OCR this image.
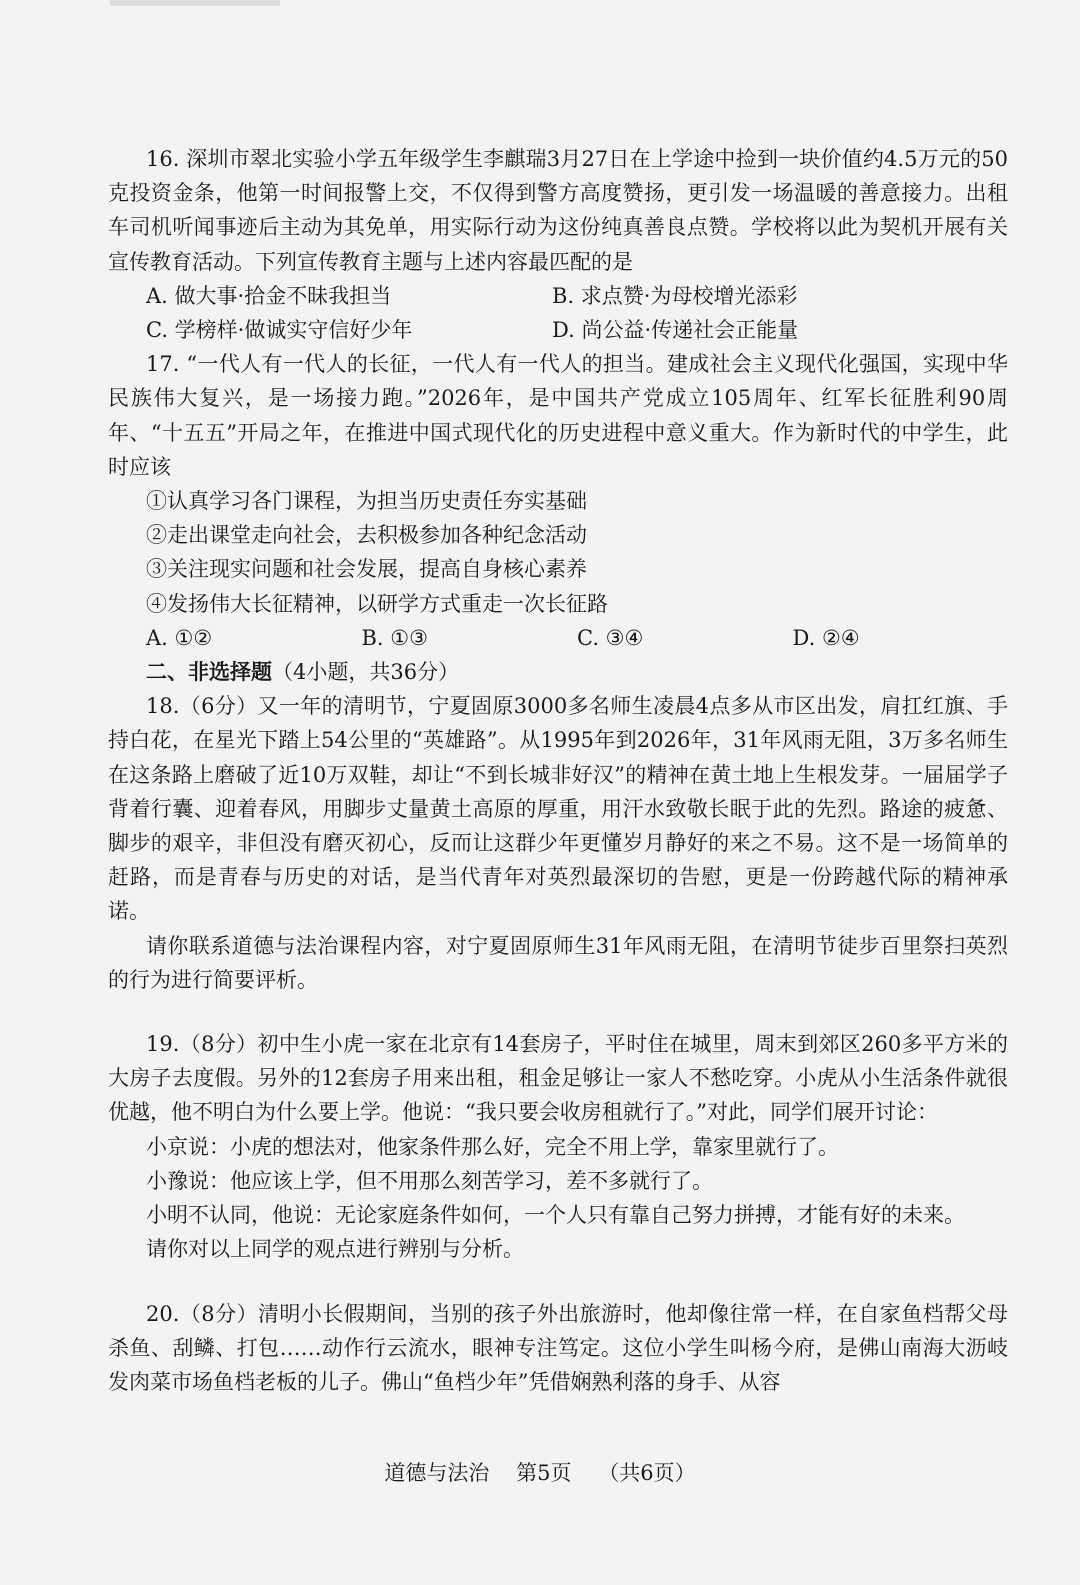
16. 深圳市翠北实验小学五年级学生李麒瑞3月27日在上学途中捡到一块价值约4.5万元的50克投资金条，他第一时间报警上交，不仅得到警方高度赞扬，更引发一场温暖的善意接力。出租车司机听闻事迹后主动为其免单，用实际行动为这份纯真善良点赞。学校将以此为契机开展有关宣传教育活动。下列宣传教育主题与上述内容最匹配的是

A. 做大事·拾金不昧我担当	B. 求点赞·为母校增光添彩
C. 学榜样·做诚实守信好少年	D. 尚公益·传递社会正能量

17. “一代人有一代人的长征，一代人有一代人的担当。建成社会主义现代化强国，实现中华民族伟大复兴，是一场接力跑。”2026年，是中国共产党成立105周年、红军长征胜利90周年、“十五五”开局之年，在推进中国式现代化的历史进程中意义重大。作为新时代的中学生，此时应该

①认真学习各门课程，为担当历史责任夯实基础

②走出课堂走向社会，去积极参加各种纪念活动

③关注现实问题和社会发展，提高自身核心素养

④发扬伟大长征精神，以研学方式重走一次长征路

A. ①②	B. ①③	C. ③④	D. ②④

二、非选择题（4小题，共36分）

18.（6分）又一年的清明节，宁夏固原3000多名师生凌晨4点多从市区出发，肩扛红旗、手持白花，在星光下踏上54公里的“英雄路”。从1995年到2026年，31年风雨无阻，3万多名师生在这条路上磨破了近10万双鞋，却让“不到长城非好汉”的精神在黄土地上生根发芽。一届届学子背着行囊、迎着春风，用脚步丈量黄土高原的厚重，用汗水致敬长眠于此的先烈。路途的疲惫、脚步的艰辛，非但没有磨灭初心，反而让这群少年更懂岁月静好的来之不易。这不是一场简单的赶路，而是青春与历史的对话，是当代青年对英烈最深切的告慰，更是一份跨越代际的精神承诺。

请你联系道德与法治课程内容，对宁夏固原师生31年风雨无阻，在清明节徒步百里祭扫英烈的行为进行简要评析。

19.（8分）初中生小虎一家在北京有14套房子，平时住在城里，周末到郊区260多平方米的大房子去度假。另外的12套房子用来出租，租金足够让一家人不愁吃穿。小虎从小生活条件就很优越，他不明白为什么要上学。他说：“我只要会收房租就行了。”对此，同学们展开讨论：

小京说：小虎的想法对，他家条件那么好，完全不用上学，靠家里就行了。

小豫说：他应该上学，但不用那么刻苦学习，差不多就行了。

小明不认同，他说：无论家庭条件如何，一个人只有靠自己努力拼搏，才能有好的未来。

请你对以上同学的观点进行辨别与分析。

20.（8分）清明小长假期间，当别的孩子外出旅游时，他却像往常一样，在自家鱼档帮父母杀鱼、刮鳞、打包……动作行云流水，眼神专注笃定。这位小学生叫杨今府，是佛山南海大沥岐发肉菜市场鱼档老板的儿子。佛山“鱼档少年”凭借娴熟利落的身手、从容

道德与法治 第5页 （共6页）
